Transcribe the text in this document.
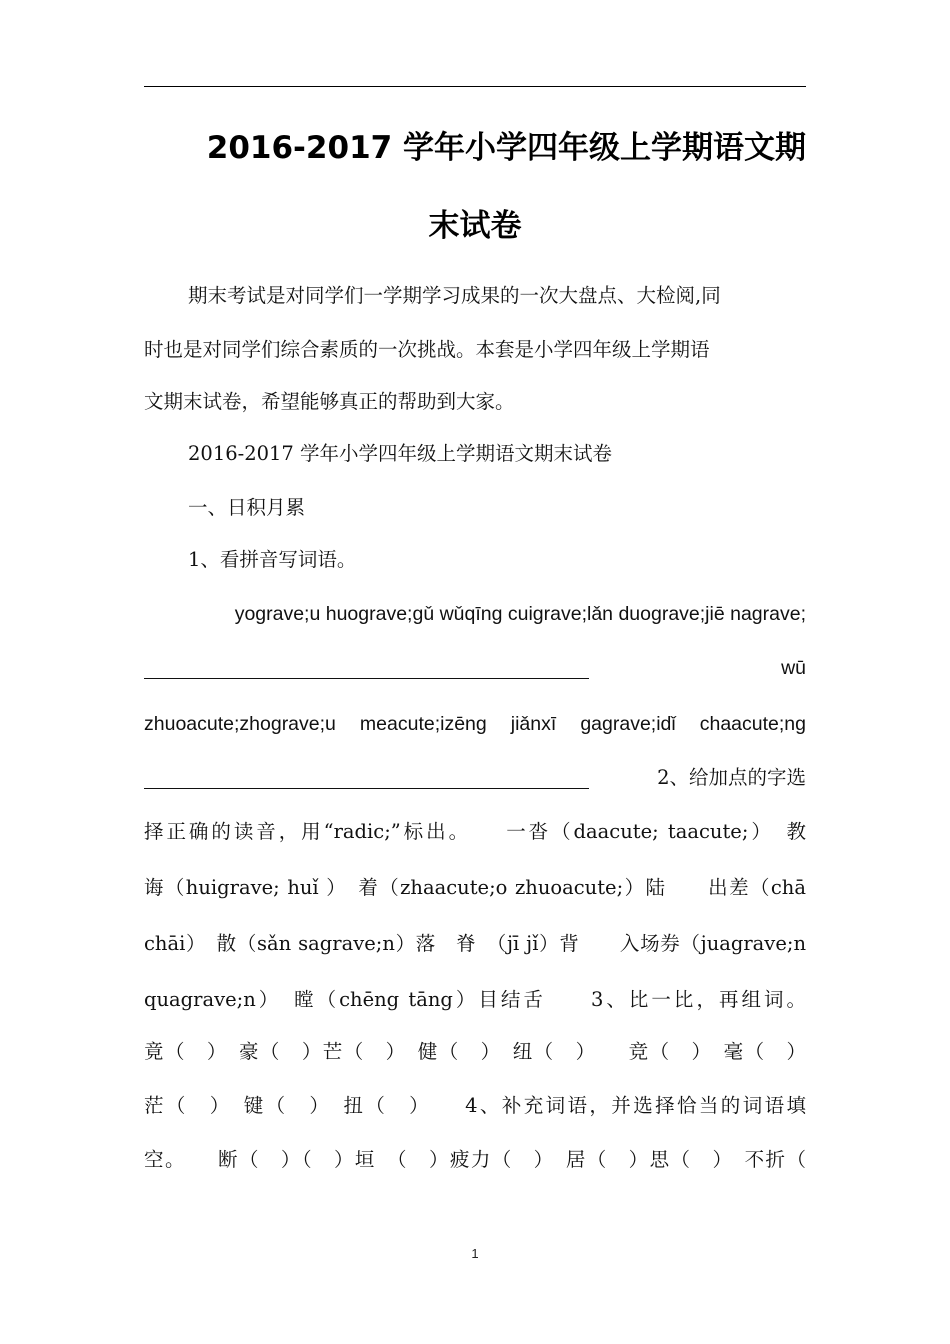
2016-2017 学年小学四年级上学期语文期
末试卷
期末考试是对同学们一学期学习成果的一次大盘点、大检阅,同
时也是对同学们综合素质的一次挑战。本套是小学四年级上学期语
文期末试卷，希望能够真正的帮助到大家。
2016-2017 学年小学四年级上学期语文期末试卷
一、日积月累
1、看拼音写词语。
yograve;u huograve;gǔ wǔqīng cuigrave;lǎn duograve;jiē nagrave;
wū
zhuoacute;zhograve;u meacute;izēng jiǎnxī gagrave;idǐ chaacute;ng
2、给加点的字选
择正确的读音，用“radic;”标出。　　一沓（daacute; taacute;）　教
诲（huigrave; huǐ ）　着（zhaacute;o zhuoacute;）陆　　出差（chā
chāi）　散（sǎn sagrave;n）落　脊　（jī jǐ）背　　入场券（juagrave;n
quagrave;n）　瞠（chēng tāng）目结舌　　3、比一比，再组词。
竟（　）　豪（　）芒（　）　健（　）　纽（　）　　竞（　）　毫（　）
茫（　）　键（　）　扭（　）　　4、补充词语，并选择恰当的词语填
空。　　断（　）（　）垣　（　）疲力（　）　居（　）思（　）　不折（
1
